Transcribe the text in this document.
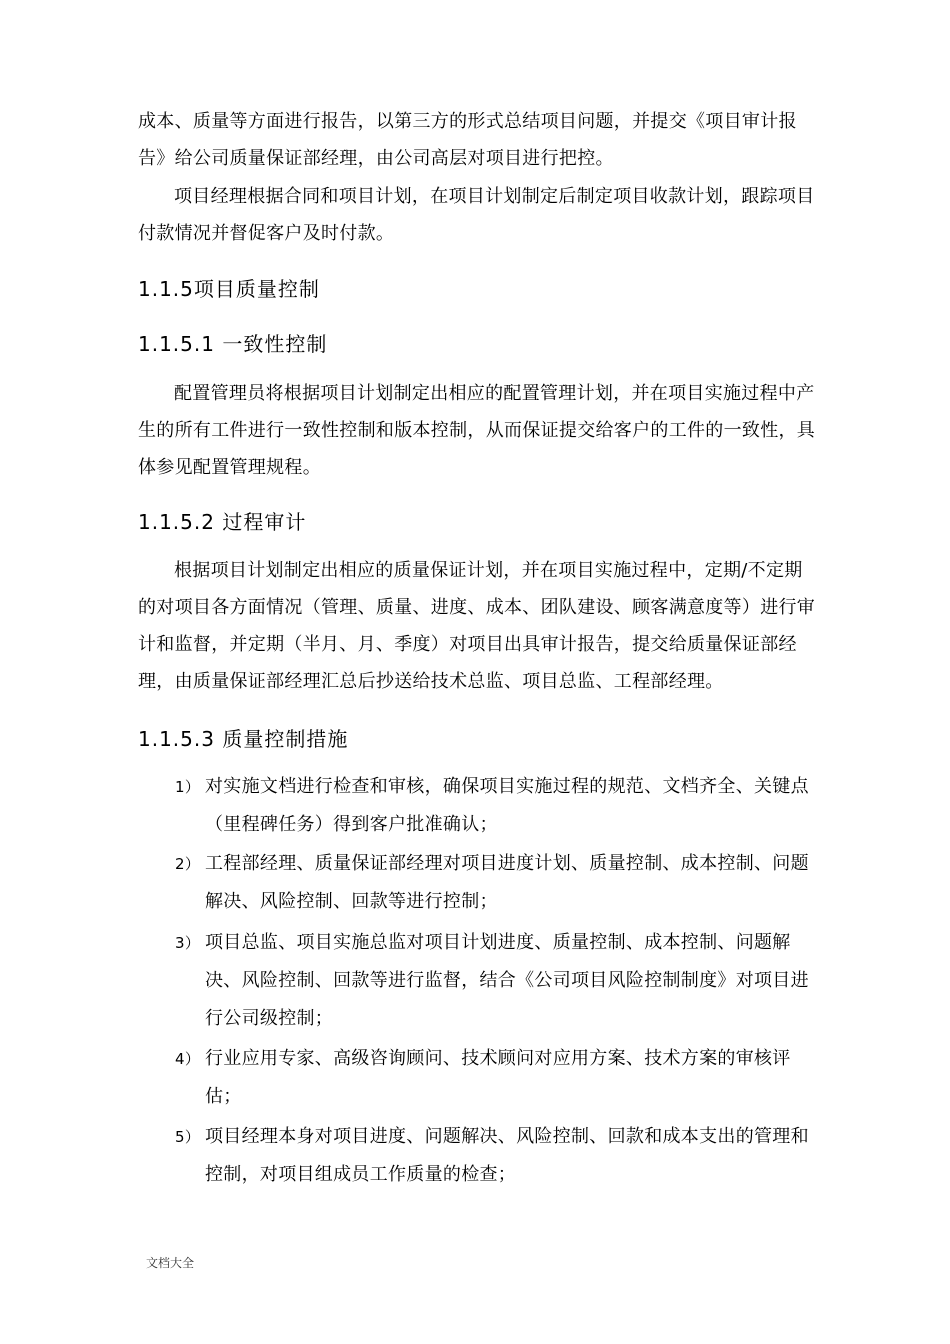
成本、质量等方面进行报告，以第三方的形式总结项目问题，并提交《项目审计报告》给公司质量保证部经理，由公司高层对项目进行把控。
项目经理根据合同和项目计划，在项目计划制定后制定项目收款计划，跟踪项目付款情况并督促客户及时付款。
1.1.5项目质量控制
1.1.5.1 一致性控制
配置管理员将根据项目计划制定出相应的配置管理计划，并在项目实施过程中产生的所有工件进行一致性控制和版本控制，从而保证提交给客户的工件的一致性，具体参见配置管理规程。
1.1.5.2 过程审计
根据项目计划制定出相应的质量保证计划，并在项目实施过程中，定期/不定期的对项目各方面情况（管理、质量、进度、成本、团队建设、顾客满意度等）进行审计和监督，并定期（半月、月、季度）对项目出具审计报告，提交给质量保证部经理，由质量保证部经理汇总后抄送给技术总监、项目总监、工程部经理。
1.1.5.3 质量控制措施
1） 对实施文档进行检查和审核，确保项目实施过程的规范、文档齐全、关键点（里程碑任务）得到客户批准确认；
2） 工程部经理、质量保证部经理对项目进度计划、质量控制、成本控制、问题解决、风险控制、回款等进行控制；
3） 项目总监、项目实施总监对项目计划进度、质量控制、成本控制、问题解决、风险控制、回款等进行监督，结合《公司项目风险控制制度》对项目进行公司级控制；
4） 行业应用专家、高级咨询顾问、技术顾问对应用方案、技术方案的审核评估；
5） 项目经理本身对项目进度、问题解决、风险控制、回款和成本支出的管理和控制，对项目组成员工作质量的检查；
文档大全
